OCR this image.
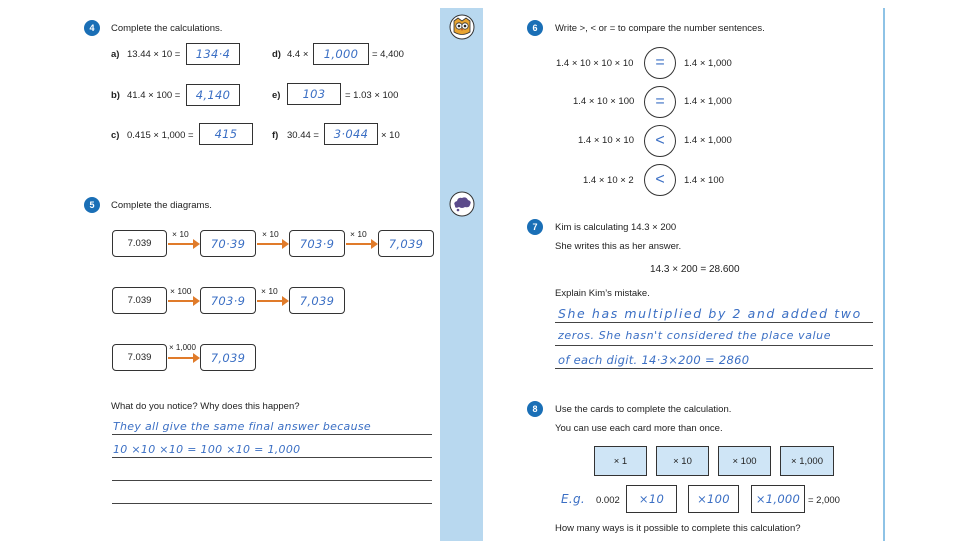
4	Complete the calculations.
a) 13.44 × 10 = 134·4
b) 41.4 × 100 = 4,140
c) 0.415 × 1,000 = 415
d) 4.4 × 1,000 = 4,400
e) 103 = 1.03 × 100
f) 30.44 = 3·044 × 10
5	Complete the diagrams.
7.039
× 10
70·39
× 10
703·9
× 10
7,039
7.039
× 100
703·9
× 10
7,039
7.039
× 1,000
7,039
What do you notice? Why does this happen?
They all give the same final answer because
10 ×10 ×10 = 100 ×10 = 1,000
6	Write >, < or = to compare the number sentences.
1.4 × 10 × 10 × 10 = 1.4 × 1,000
1.4 × 10 × 100 = 1.4 × 1,000
1.4 × 10 × 10 < 1.4 × 1,000
1.4 × 10 × 2 < 1.4 × 100
7	Kim is calculating 14.3 × 200
She writes this as her answer.
14.3 × 200 = 28.600
Explain Kim’s mistake.
She has multiplied by 2 and added two
zeros. She hasn't considered the place value
of each digit. 14·3×200 = 2860
8	Use the cards to complete the calculation.
You can use each card more than once.
× 1	× 10	× 100	× 1,000
E.g. 0.002 ×10	×100 ×1,000 = 2,000
How many ways is it possible to complete this calculation?
